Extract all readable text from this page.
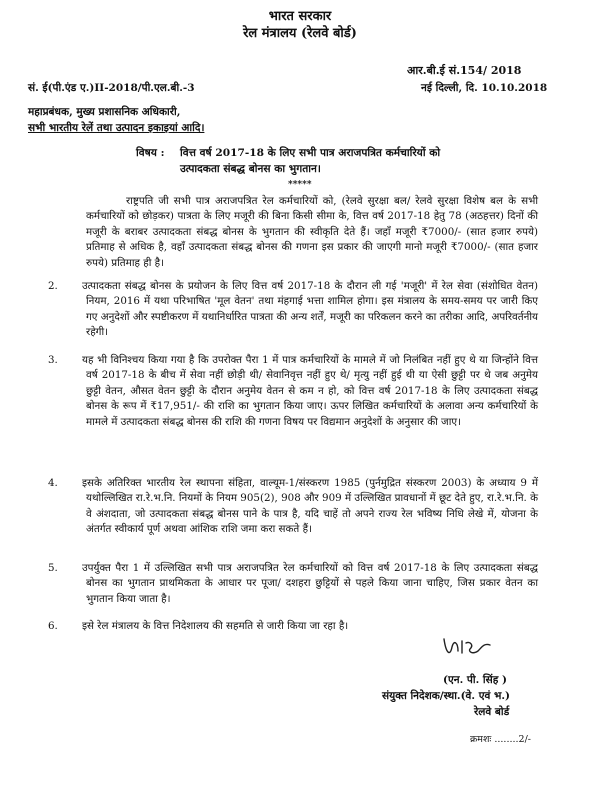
भारत सरकार
रेल मंत्रालय (रेलवे बोर्ड)
आर.बी.ई सं.154/ 2018
सं. ई(पी.एंड ए.)II-2018/पी.एल.बी.-3	नई दिल्ली, दि. 10.10.2018
महाप्रबंधक, मुख्य प्रशासनिक अधिकारी,
सभी भारतीय रेलें तथा उत्पादन इकाइयां आदि।
विषय : वित्त वर्ष 2017-18 के लिए सभी पात्र अराजपत्रित कर्मचारियों को उत्पादकता संबद्ध बोनस का भुगतान।
*****

राष्ट्रपति जी सभी पात्र अराजपत्रित रेल कर्मचारियों को, (रेलवे सुरक्षा बल/ रेलवे सुरक्षा विशेष बल के सभी कर्मचारियों को छोड़कर) पात्रता के लिए मजूरी की बिना किसी सीमा के, वित्त वर्ष 2017-18 हेतु 78 (अठहत्तर) दिनों की मजूरी के बराबर उत्पादकता संबद्ध बोनस के भुगतान की स्वीकृति देते हैं। जहाँ मजूरी ₹7000/- (सात हजार रुपये) प्रतिमाह से अधिक है, वहाँ उत्पादकता संबद्ध बोनस की गणना इस प्रकार की जाएगी मानो मजूरी ₹7000/- (सात हजार रुपये) प्रतिमाह ही है।

2. उत्पादकता संबद्ध बोनस के प्रयोजन के लिए वित्त वर्ष 2017-18 के दौरान ली गई 'मजूरी' में रेल सेवा (संशोधित वेतन) नियम, 2016 में यथा परिभाषित 'मूल वेतन' तथा मंहगाई भत्ता शामिल होगा। इस मंत्रालय के समय-समय पर जारी किए गए अनुदेशों और स्पष्टीकरण में यथानिर्धारित पात्रता की अन्य शर्तें, मजूरी का परिकलन करने का तरीका आदि, अपरिवर्तनीय रहेगी।

3. यह भी विनिश्चय किया गया है कि उपरोक्त पैरा 1 में पात्र कर्मचारियों के मामले में जो निलंबित नहीं हुए थे या जिन्होंने वित्त वर्ष 2017-18 के बीच में सेवा नहीं छोड़ी थी/ सेवानिवृत्त नहीं हुए थे/ मृत्यु नहीं हुई थी या ऐसी छुट्टी पर थे जब अनुमेय छुट्टी वेतन, औसत वेतन छुट्टी के दौरान अनुमेय वेतन से कम न हो, को वित्त वर्ष 2017-18 के लिए उत्पादकता संबद्ध बोनस के रूप में ₹17,951/- की राशि का भुगतान किया जाए। ऊपर लिखित कर्मचारियों के अलावा अन्य कर्मचारियों के मामले में उत्पादकता संबद्ध बोनस की राशि की गणना विषय पर विद्यमान अनुदेशों के अनुसार की जाए।

4. इसके अतिरिक्त भारतीय रेल स्थापना संहिता, वाल्यूम-1/संस्करण 1985 (पुर्नमुद्रित संस्करण 2003) के अध्याय 9 में यथोल्लिखित रा.रे.भ.नि. नियमों के नियम 905(2), 908 और 909 में उल्लिखित प्रावधानों में छूट देते हुए, रा.रे.भ.नि. के वे अंशदाता, जो उत्पादकता संबद्ध बोनस पाने के पात्र है, यदि चाहें तो अपने राज्य रेल भविष्य निधि लेखे में, योजना के अंतर्गत स्वीकार्य पूर्ण अथवा आंशिक राशि जमा करा सकते हैं।

5. उपर्युक्त पैरा 1 में उल्लिखित सभी पात्र अराजपत्रित रेल कर्मचारियों को वित्त वर्ष 2017-18 के लिए उत्पादकता संबद्ध बोनस का भुगतान प्राथमिकता के आधार पर पूजा/ दशहरा छुट्टियों से पहले किया जाना चाहिए, जिस प्रकार वेतन का भुगतान किया जाता है।

6. इसे रेल मंत्रालय के वित्त निदेशालय की सहमति से जारी किया जा रहा है।

(एन. पी. सिंह )
संयुक्त निदेशक/स्था.(वे. एवं भ.)
रेलवे बोर्ड
क्रमशः ........2/-
